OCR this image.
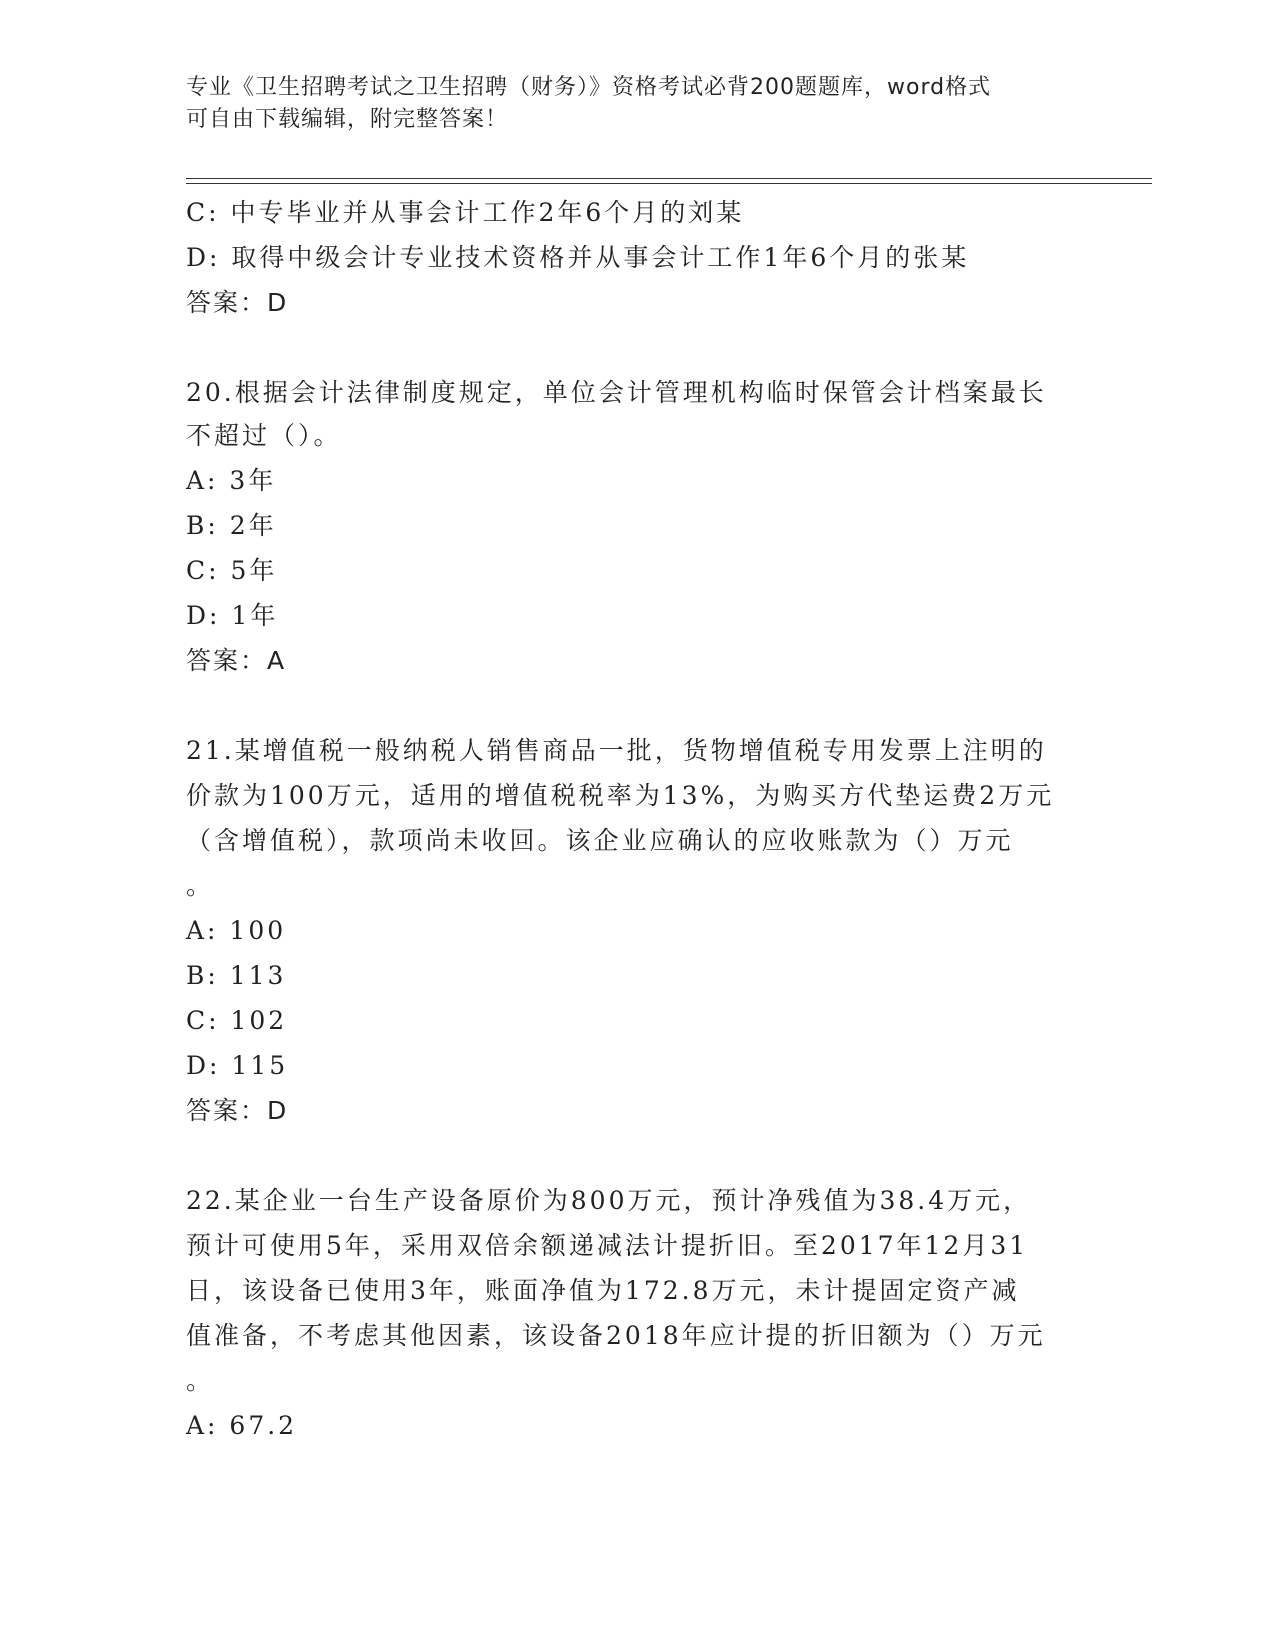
专业《卫生招聘考试之卫生招聘（财务）》资格考试必背200题题库，word格式
可自由下载编辑，附完整答案！
C: 中专毕业并从事会计工作2年6个月的刘某
D: 取得中级会计专业技术资格并从事会计工作1年6个月的张某
答案：D
20.根据会计法律制度规定，单位会计管理机构临时保管会计档案最长
不超过（）。
A: 3年
B: 2年
C: 5年
D: 1年
答案：A
21.某增值税一般纳税人销售商品一批，货物增值税专用发票上注明的
价款为100万元，适用的增值税税率为13%，为购买方代垫运费2万元
（含增值税），款项尚未收回。该企业应确认的应收账款为（）万元
。
A: 100
B: 113
C: 102
D: 115
答案：D
22.某企业一台生产设备原价为800万元，预计净残值为38.4万元，
预计可使用5年，采用双倍余额递减法计提折旧。至2017年12月31
日，该设备已使用3年，账面净值为172.8万元，未计提固定资产减
值准备，不考虑其他因素，该设备2018年应计提的折旧额为（）万元
。
A: 67.2
